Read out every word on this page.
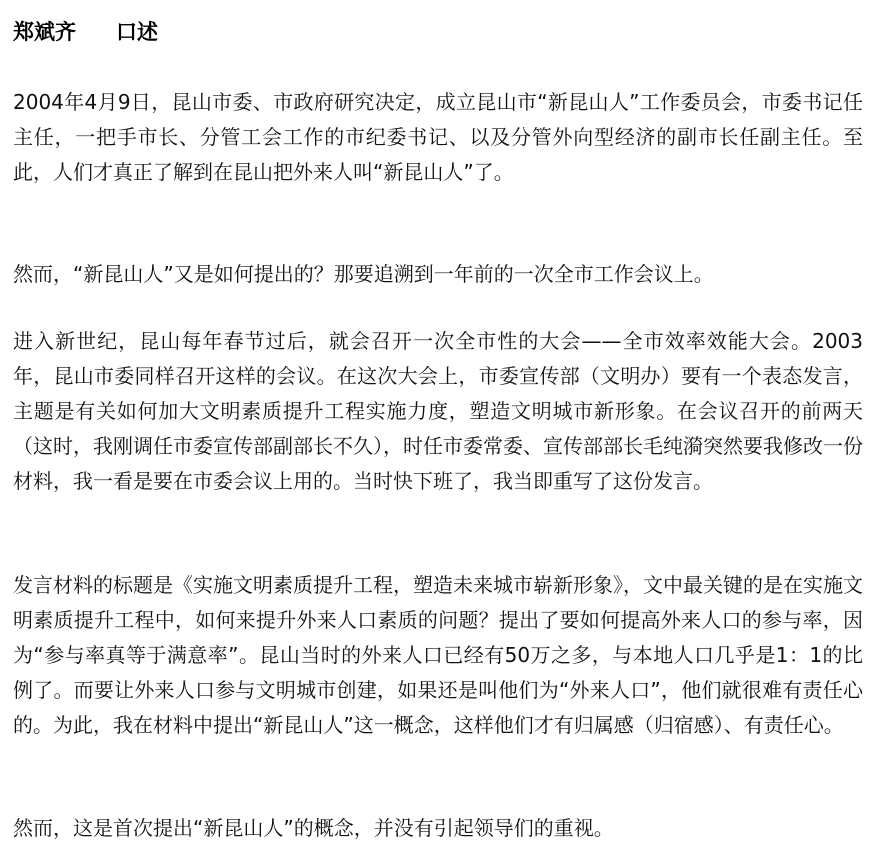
郑斌齐 口述

2004年4月9日，昆山市委、市政府研究决定，成立昆山市“新昆山人”工作委员会，市委书记任主任，一把手市长、分管工会工作的市纪委书记、以及分管外向型经济的副市长任副主任。至此，人们才真正了解到在昆山把外来人叫“新昆山人”了。

然而，“新昆山人”又是如何提出的？那要追溯到一年前的一次全市工作会议上。

进入新世纪，昆山每年春节过后，就会召开一次全市性的大会——全市效率效能大会。2003年，昆山市委同样召开这样的会议。在这次大会上，市委宣传部（文明办）要有一个表态发言，主题是有关如何加大文明素质提升工程实施力度，塑造文明城市新形象。在会议召开的前两天（这时，我刚调任市委宣传部副部长不久），时任市委常委、宣传部部长毛纯漪突然要我修改一份材料，我一看是要在市委会议上用的。当时快下班了，我当即重写了这份发言。

发言材料的标题是《实施文明素质提升工程，塑造未来城市崭新形象》，文中最关键的是在实施文明素质提升工程中，如何来提升外来人口素质的问题？提出了要如何提高外来人口的参与率，因为“参与率真等于满意率”。昆山当时的外来人口已经有50万之多，与本地人口几乎是1：1的比例了。而要让外来人口参与文明城市创建，如果还是叫他们为“外来人口”，他们就很难有责任心的。为此，我在材料中提出“新昆山人”这一概念，这样他们才有归属感（归宿感）、有责任心。

然而，这是首次提出“新昆山人”的概念，并没有引起领导们的重视。
